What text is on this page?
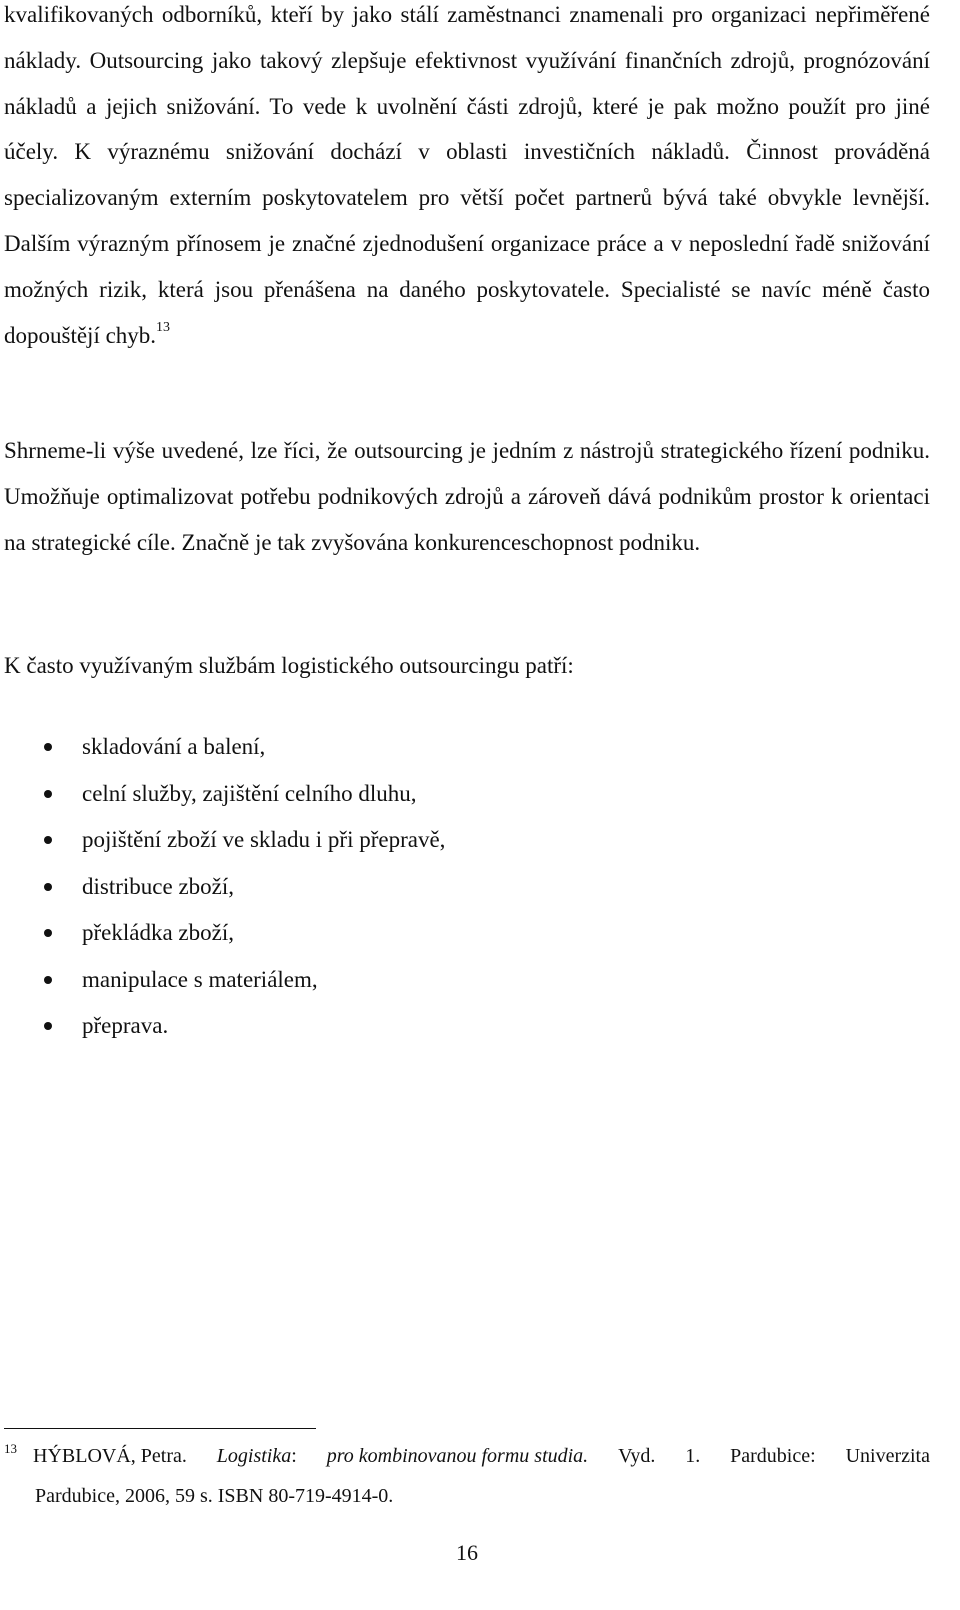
kvalifikovaných odborníků, kteří by jako stálí zaměstnanci znamenali pro organizaci nepřiměřené náklady. Outsourcing jako takový zlepšuje efektivnost využívání finančních zdrojů, prognózování nákladů a jejich snižování. To vede k uvolnění části zdrojů, které je pak možno použít pro jiné účely. K výraznému snižování dochází v oblasti investičních nákladů. Činnost prováděná specializovaným externím poskytovatelem pro větší počet partnerů bývá také obvykle levnější. Dalším výrazným přínosem je značné zjednodušení organizace práce a v neposlední řadě snižování možných rizik, která jsou přenášena na daného poskytovatele. Specialisté se navíc méně často dopouštějí chyb.$^{13}$

Shrneme-li výše uvedené, lze říci, že outsourcing je jedním z nástrojů strategického řízení podniku. Umožňuje optimalizovat potřebu podnikových zdrojů a zároveň dává podnikům prostor k orientaci na strategické cíle. Značně je tak zvyšována konkurenceschopnost podniku.

K často využívaným službám logistického outsourcingu patří:

skladování a balení,
celní služby, zajištění celního dluhu,
pojištění zboží ve skladu i při přepravě,
distribuce zboží,
překládka zboží,
manipulace s materiálem,
přeprava.
$^{13}$ HÝBLOVÁ, Petra. Logistika: pro kombinovanou formu studia. Vyd. 1. Pardubice: Univerzita
Pardubice, 2006, 59 s. ISBN 80-719-4914-0.
16
